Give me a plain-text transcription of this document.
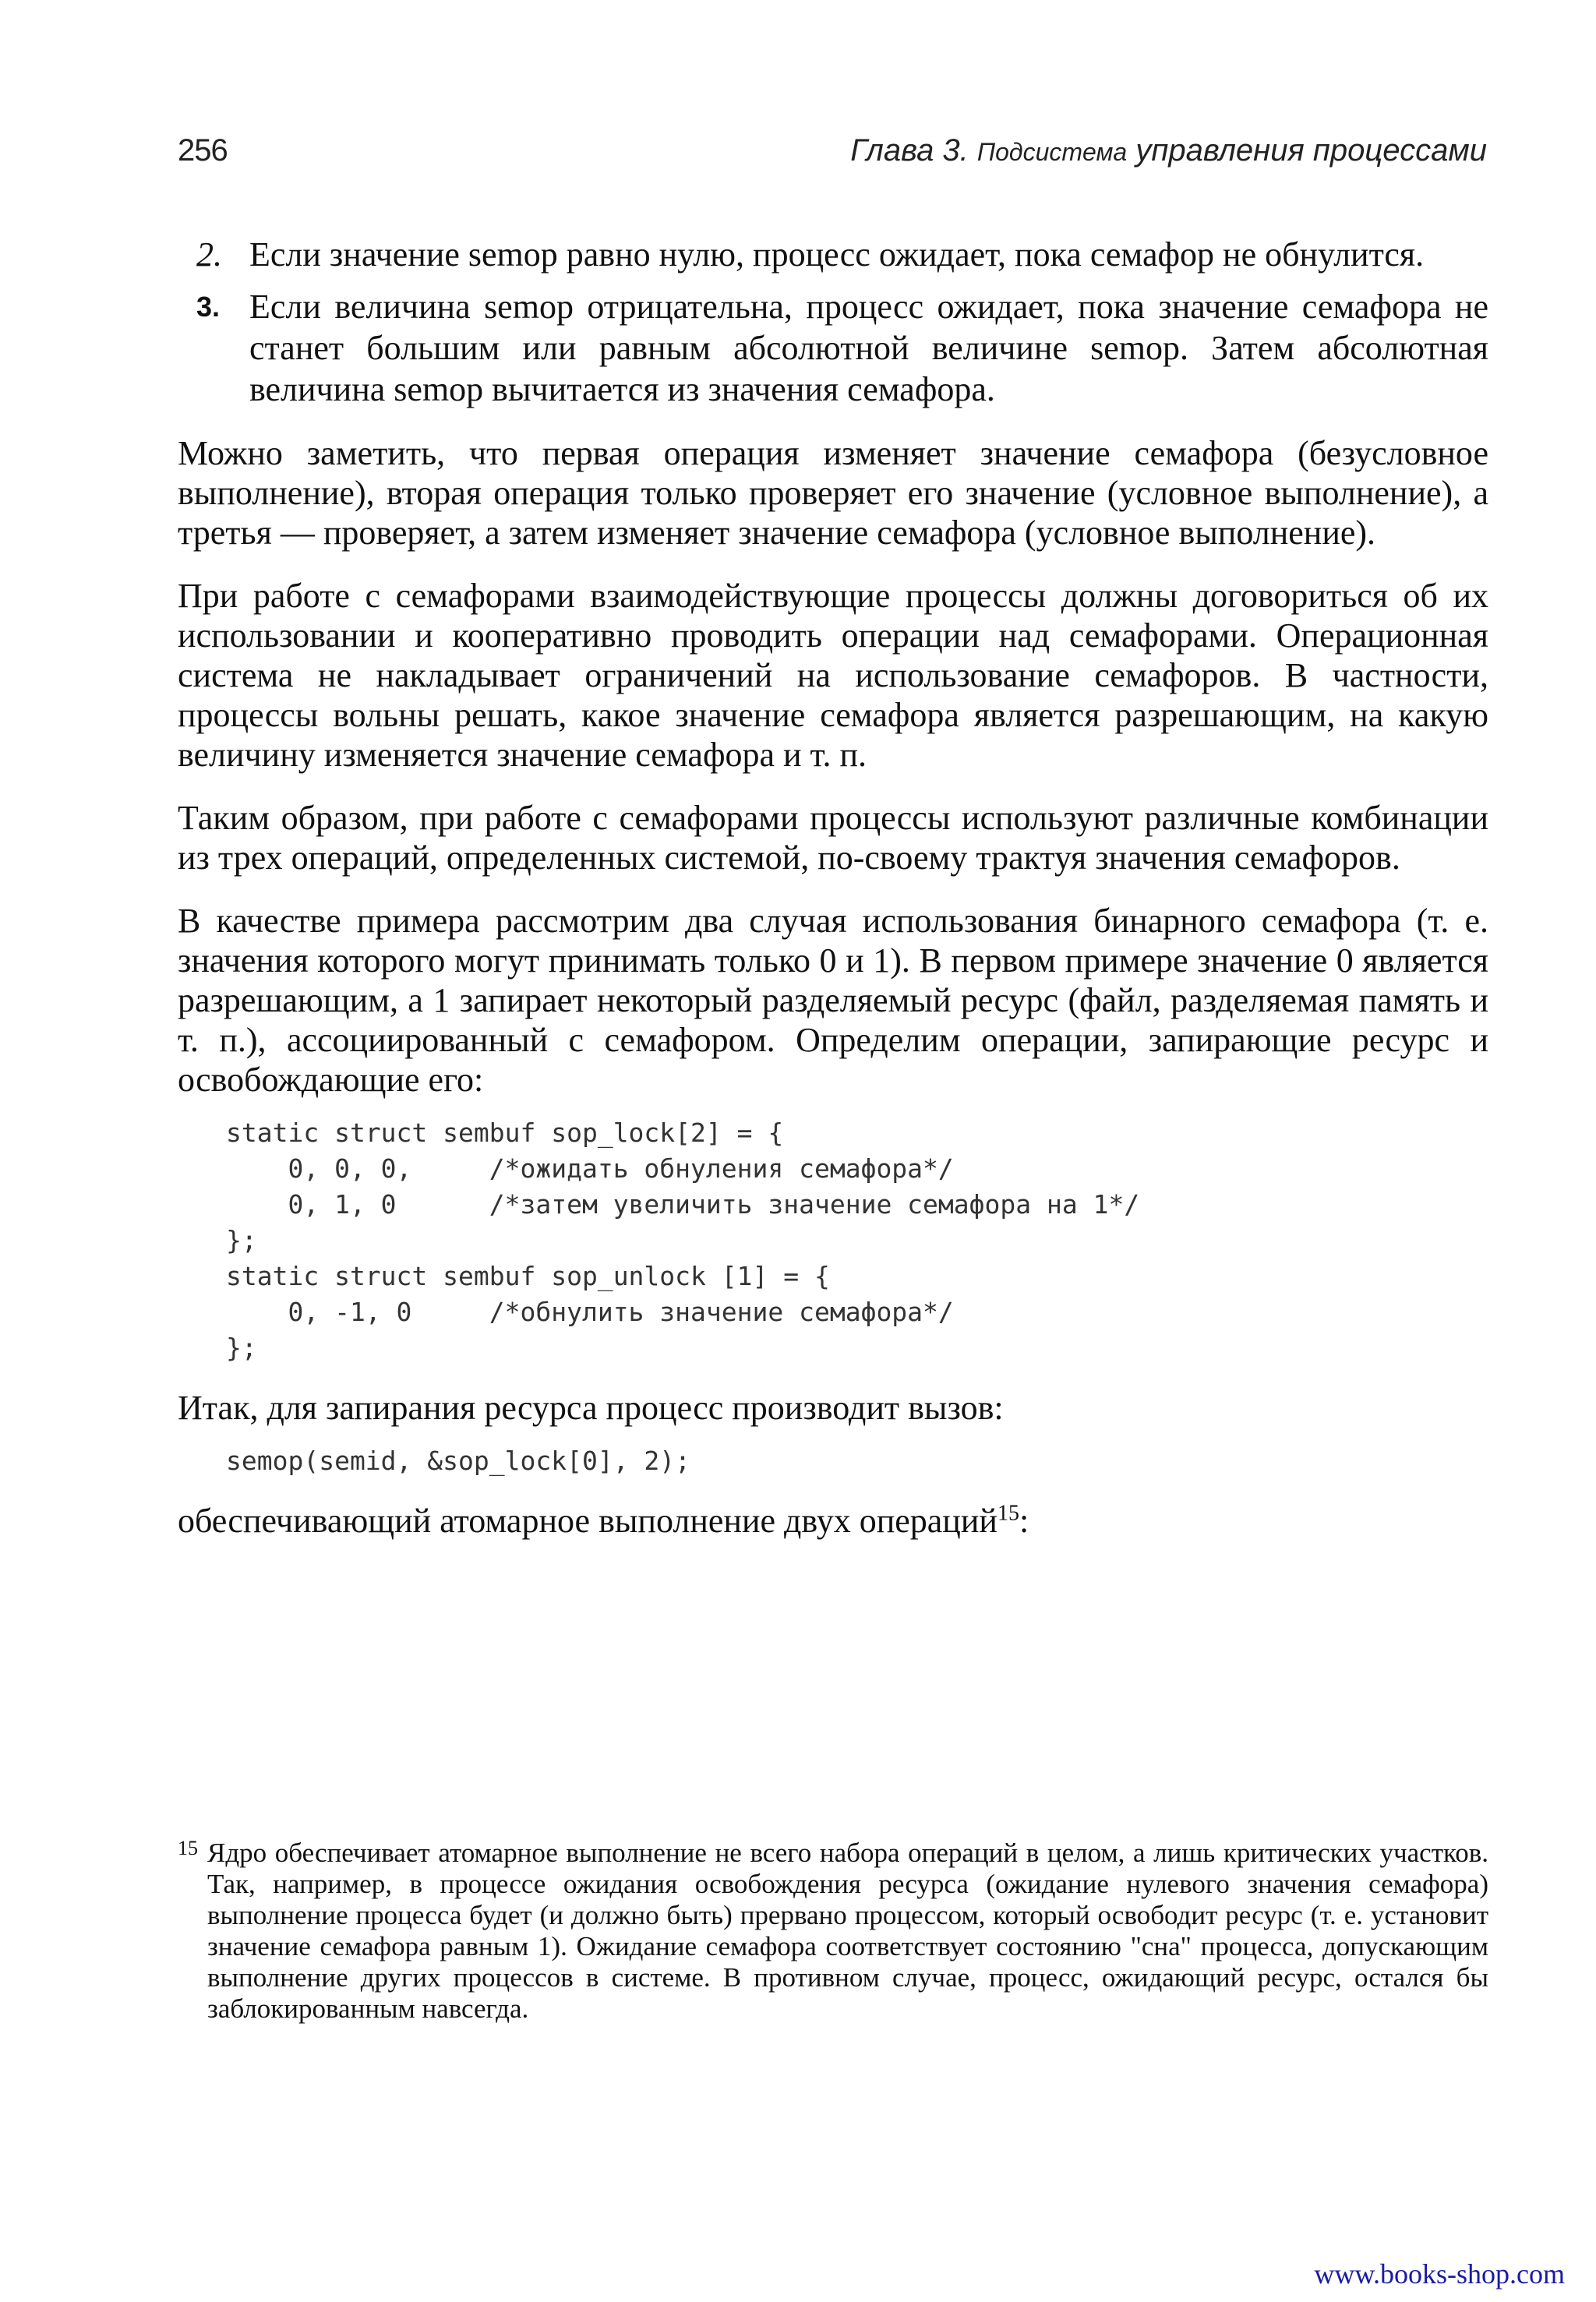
256	Глава 3. Подсистема управления процессами
2. Если значение semop равно нулю, процесс ожидает, пока семафор не обнулится.
3. Если величина semop отрицательна, процесс ожидает, пока значение семафора не станет большим или равным абсолютной величине semop. Затем абсолютная величина semop вычитается из значения семафора.

Можно заметить, что первая операция изменяет значение семафора (безусловное выполнение), вторая операция только проверяет его значение (условное выполнение), а третья — проверяет, а затем изменяет значение семафора (условное выполнение).

При работе с семафорами взаимодействующие процессы должны договориться об их использовании и кооперативно проводить операции над семафорами. Операционная система не накладывает ограничений на использование семафоров. В частности, процессы вольны решать, какое значение семафора является разрешающим, на какую величину изменяется значение семафора и т. п.

Таким образом, при работе с семафорами процессы используют различные комбинации из трех операций, определенных системой, по-своему трактуя значения семафоров.

В качестве примера рассмотрим два случая использования бинарного семафора (т. е. значения которого могут принимать только 0 и 1). В первом примере значение 0 является разрешающим, а 1 запирает некоторый разделяемый ресурс (файл, разделяемая память и т. п.), ассоциированный с семафором. Определим операции, запирающие ресурс и освобождающие его:

static struct sembuf sop_lock[2] = {
0, 0, 0,     /*ожидать обнуления семафора*/
0, 1, 0      /*затем увеличить значение семафора на 1*/
};
static struct sembuf sop_unlock [1] = {
0, -1, 0     /*обнулить значение семафора*/
};

Итак, для запирания ресурса процесс производит вызов:

semop(semid, &sop_lock[0], 2);

обеспечивающий атомарное выполнение двух операций$^{15}$:

15 Ядро обеспечивает атомарное выполнение не всего набора операций в целом, а лишь критических участков. Так, например, в процессе ожидания освобождения ресурса (ожидание нулевого значения семафора) выполнение процесса будет (и должно быть) прервано процессом, который освободит ресурс (т. е. установит значение семафора равным 1). Ожидание семафора соответствует состоянию "сна" процесса, допускающим выполнение других процессов в системе. В противном случае, процесс, ожидающий ресурс, остался бы заблокированным навсегда.

www.books-shop.com
